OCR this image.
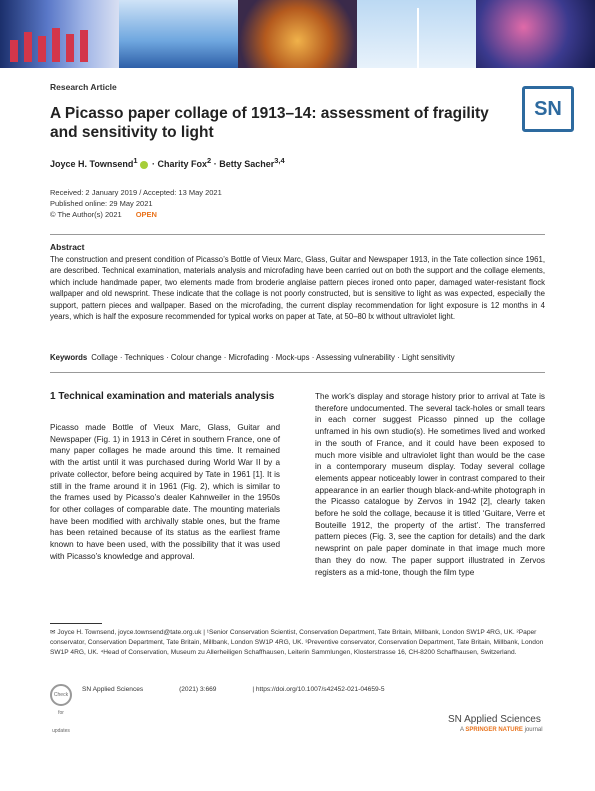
Research Article
A Picasso paper collage of 1913–14: assessment of fragility and sensitivity to light
SN
Joyce H. Townsend$^1$ · Charity Fox$^2$ · Betty Sacher$^{3,4}$
Received: 2 January 2019 / Accepted: 13 May 2021
Published online: 29 May 2021
© The Author(s) 2021 OPEN
Abstract
The construction and present condition of Picasso’s Bottle of Vieux Marc, Glass, Guitar and Newspaper 1913, in the Tate collection since 1961, are described. Technical examination, materials analysis and microfading have been carried out on both the support and the collage elements, which include handmade paper, two elements made from broderie anglaise pattern pieces ironed onto paper, damaged water-resistant flock wallpaper and old newsprint. These indicate that the collage is not poorly constructed, but is sensitive to light as was expected, especially the support, pattern pieces and wallpaper. Based on the microfading, the current display recommendation for light exposure is 12 months in 4 years, which is half the exposure recommended for typical works on paper at Tate, at 50–80 lx without ultraviolet light.
Keywords Collage · Techniques · Colour change · Microfading · Mock-ups · Assessing vulnerability · Light sensitivity
1 Technical examination and materials analysis
Picasso made Bottle of Vieux Marc, Glass, Guitar and Newspaper (Fig. 1) in 1913 in Céret in southern France, one of many paper collages he made around this time. It remained with the artist until it was purchased during World War II by a private collector, before being acquired by Tate in 1961 [1]. It is still in the frame around it in 1961 (Fig. 2), which is similar to the frames used by Picasso’s dealer Kahnweiler in the 1950s for other collages of comparable date. The mounting materials have been modified with archivally stable ones, but the frame has been retained because of its status as the earliest frame known to have been used, with the possibility that it was used with Picasso’s knowledge and approval.
The work’s display and storage history prior to arrival at Tate is therefore undocumented. The several tack-holes or small tears in each corner suggest Picasso pinned up the collage unframed in his own studio(s). He sometimes lived and worked in the south of France, and it could have been exposed to much more visible and ultraviolet light than would be the case in a contemporary museum display. Today several collage elements appear noticeably lower in contrast compared to their appearance in an earlier though black-and-white photograph in the Picasso catalogue by Zervos in 1942 [2], clearly taken before he sold the collage, because it is titled ‘Guitare, Verre et Bouteille 1912, the property of the artist’. The transferred pattern pieces (Fig. 3, see the caption for details) and the dark newsprint on pale paper dominate in that image much more than they do now. The paper support illustrated in Zervos registers as a mid-tone, though the film type
✉ Joyce H. Townsend, joyce.townsend@tate.org.uk | ¹Senior Conservation Scientist, Conservation Department, Tate Britain, Millbank, London SW1P 4RG, UK. ²Paper conservator, Conservation Department, Tate Britain, Millbank, London SW1P 4RG, UK. ³Preventive conservator, Conservation Department, Tate Britain, Millbank, London SW1P 4RG, UK. ⁴Head of Conservation, Museum zu Allerheiligen Schaffhausen, Leiterin Sammlungen, Klosterstrasse 16, CH-8200 Schaffhausen, Switzerland.
Check for updates
SN Applied Sciences	(2021) 3:669	| https://doi.org/10.1007/s42452-021-04659-5
SN Applied Sciences
A SPRINGER NATURE journal
